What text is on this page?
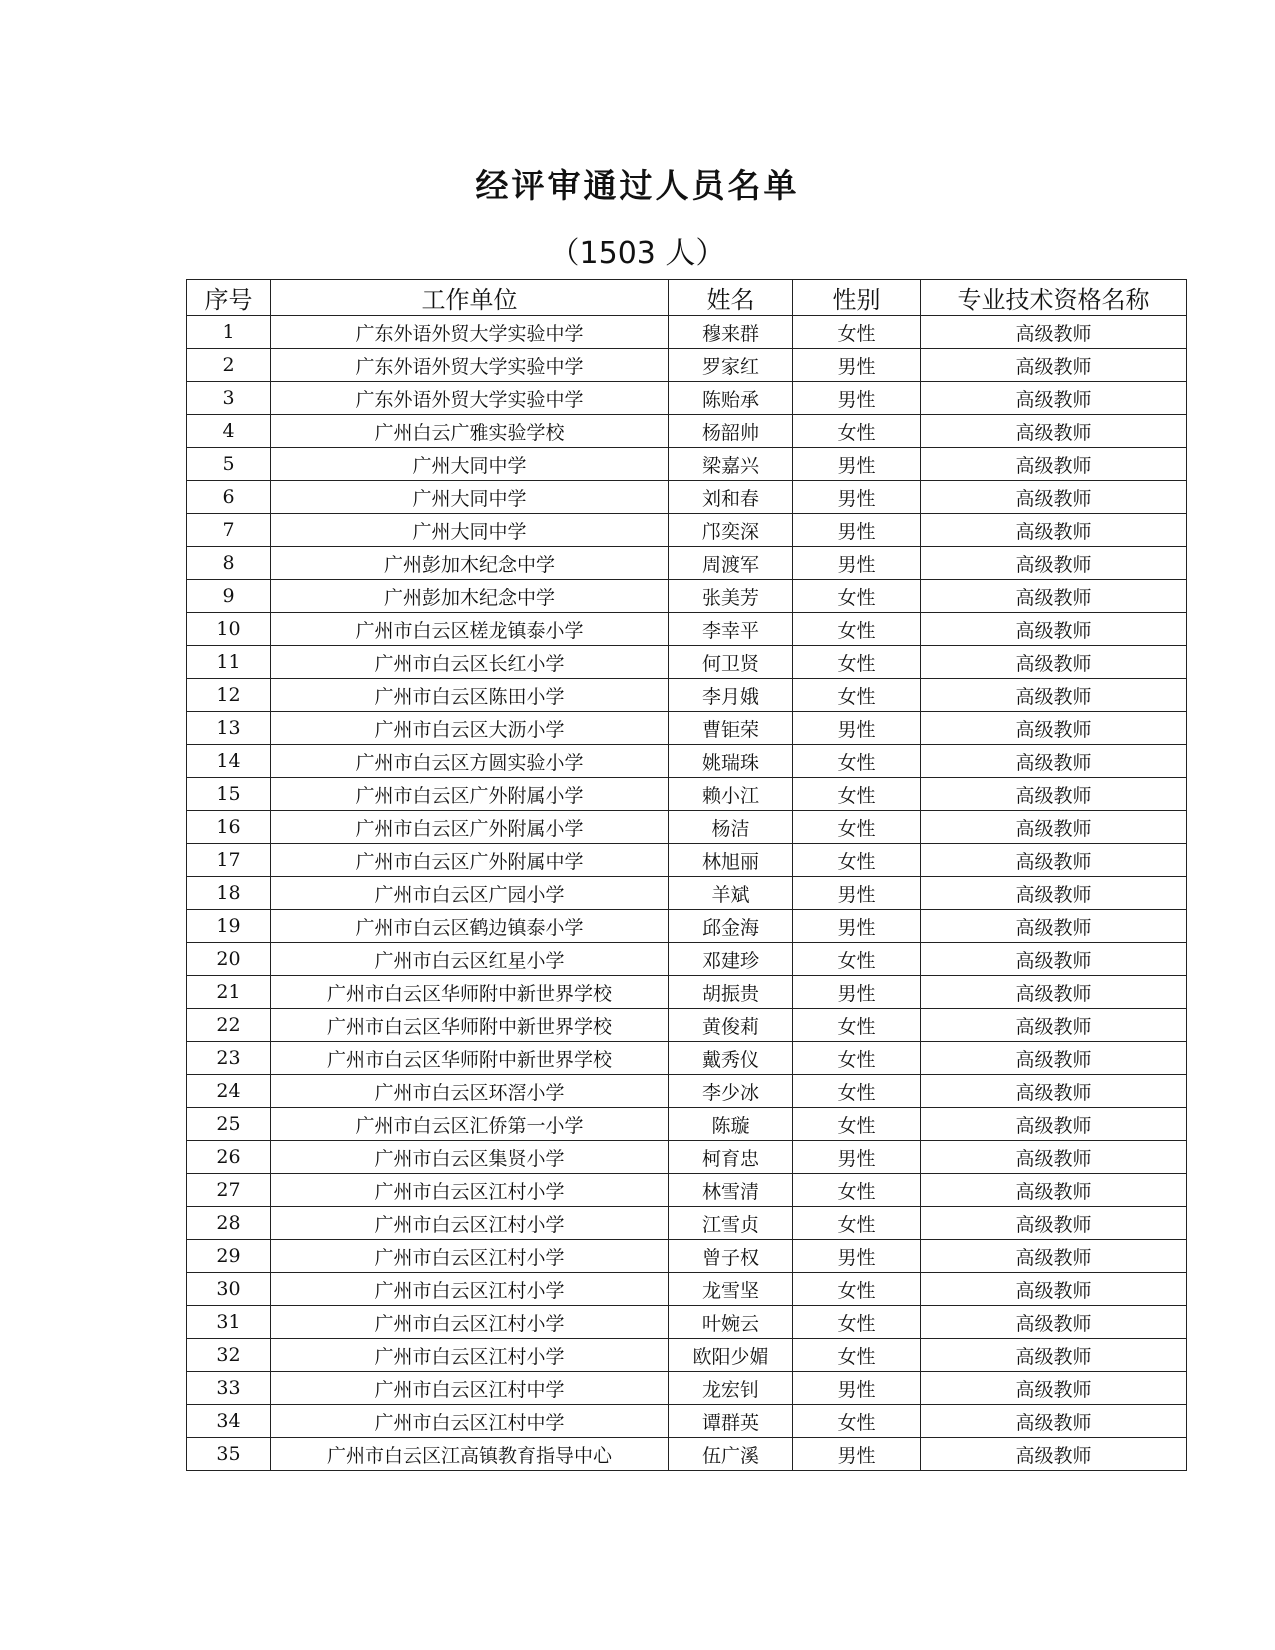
经评审通过人员名单
（1503 人）
序号	工作单位	姓名	性别	专业技术资格名称
1	广东外语外贸大学实验中学	穆来群	女性	高级教师
2	广东外语外贸大学实验中学	罗家红	男性	高级教师
3	广东外语外贸大学实验中学	陈贻承	男性	高级教师
4	广州白云广雅实验学校	杨韶帅	女性	高级教师
5	广州大同中学	梁嘉兴	男性	高级教师
6	广州大同中学	刘和春	男性	高级教师
7	广州大同中学	邝奕深	男性	高级教师
8	广州彭加木纪念中学	周渡军	男性	高级教师
9	广州彭加木纪念中学	张美芳	女性	高级教师
10	广州市白云区槎龙镇泰小学	李幸平	女性	高级教师
11	广州市白云区长红小学	何卫贤	女性	高级教师
12	广州市白云区陈田小学	李月娥	女性	高级教师
13	广州市白云区大沥小学	曹钜荣	男性	高级教师
14	广州市白云区方圆实验小学	姚瑞珠	女性	高级教师
15	广州市白云区广外附属小学	赖小江	女性	高级教师
16	广州市白云区广外附属小学	杨洁	女性	高级教师
17	广州市白云区广外附属中学	林旭丽	女性	高级教师
18	广州市白云区广园小学	羊斌	男性	高级教师
19	广州市白云区鹤边镇泰小学	邱金海	男性	高级教师
20	广州市白云区红星小学	邓建珍	女性	高级教师
21	广州市白云区华师附中新世界学校	胡振贵	男性	高级教师
22	广州市白云区华师附中新世界学校	黄俊莉	女性	高级教师
23	广州市白云区华师附中新世界学校	戴秀仪	女性	高级教师
24	广州市白云区环滘小学	李少冰	女性	高级教师
25	广州市白云区汇侨第一小学	陈璇	女性	高级教师
26	广州市白云区集贤小学	柯育忠	男性	高级教师
27	广州市白云区江村小学	林雪清	女性	高级教师
28	广州市白云区江村小学	江雪贞	女性	高级教师
29	广州市白云区江村小学	曾子权	男性	高级教师
30	广州市白云区江村小学	龙雪坚	女性	高级教师
31	广州市白云区江村小学	叶婉云	女性	高级教师
32	广州市白云区江村小学	欧阳少媚	女性	高级教师
33	广州市白云区江村中学	龙宏钊	男性	高级教师
34	广州市白云区江村中学	谭群英	女性	高级教师
35	广州市白云区江高镇教育指导中心	伍广溪	男性	高级教师
